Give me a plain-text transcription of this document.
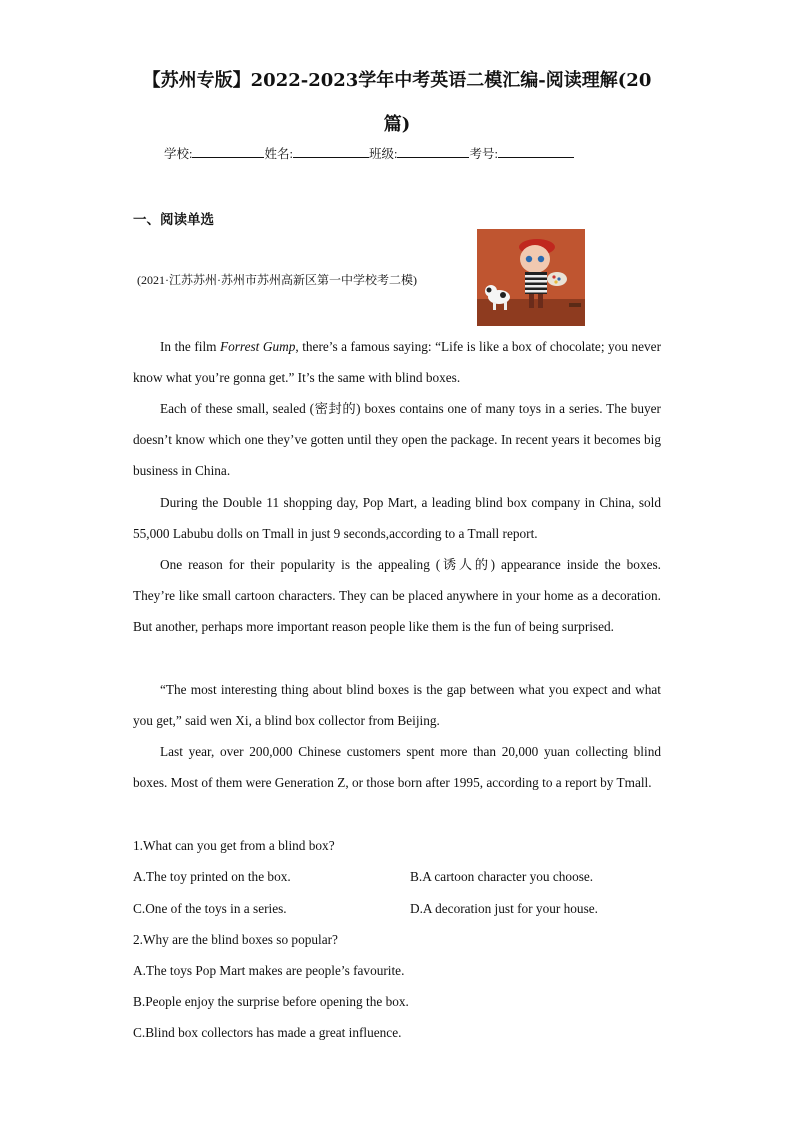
【苏州专版】2022-2023学年中考英语二模汇编-阅读理解(20
篇)
学校:	姓名:	班级:	考号:
一、阅读单选
(2021·江苏苏州·苏州市苏州高新区第一中学校考二模)
In the film Forrest Gump, there’s a famous saying: “Life is like a box of chocolate; you never know what you’re gonna get.” It’s the same with blind boxes.
Each of these small, sealed (密封的) boxes contains one of many toys in a series. The buyer doesn’t know which one they’ve gotten until they open the package. In recent years it becomes big business in China.
During the Double 11 shopping day, Pop Mart, a leading blind box company in China, sold 55,000 Labubu dolls on Tmall in just 9 seconds,according to a Tmall report.
One reason for their popularity is the appealing (诱人的) appearance inside the boxes. They’re like small cartoon characters. They can be placed anywhere in your home as a decoration. But another, perhaps more important reason people like them is the fun of being surprised.
“The most interesting thing about blind boxes is the gap between what you expect and what you get,” said wen Xi, a blind box collector from Beijing.
Last year, over 200,000 Chinese customers spent more than 20,000 yuan collecting blind boxes. Most of them were Generation Z, or those born after 1995, according to a report by Tmall.
1.What can you get from a blind box?
A.The toy printed on the box.	B.A cartoon character you choose.
C.One of the toys in a series.	D.A decoration just for your house.
2.Why are the blind boxes so popular?
A.The toys Pop Mart makes are people’s favourite.
B.People enjoy the surprise before opening the box.
C.Blind box collectors has made a great influence.
